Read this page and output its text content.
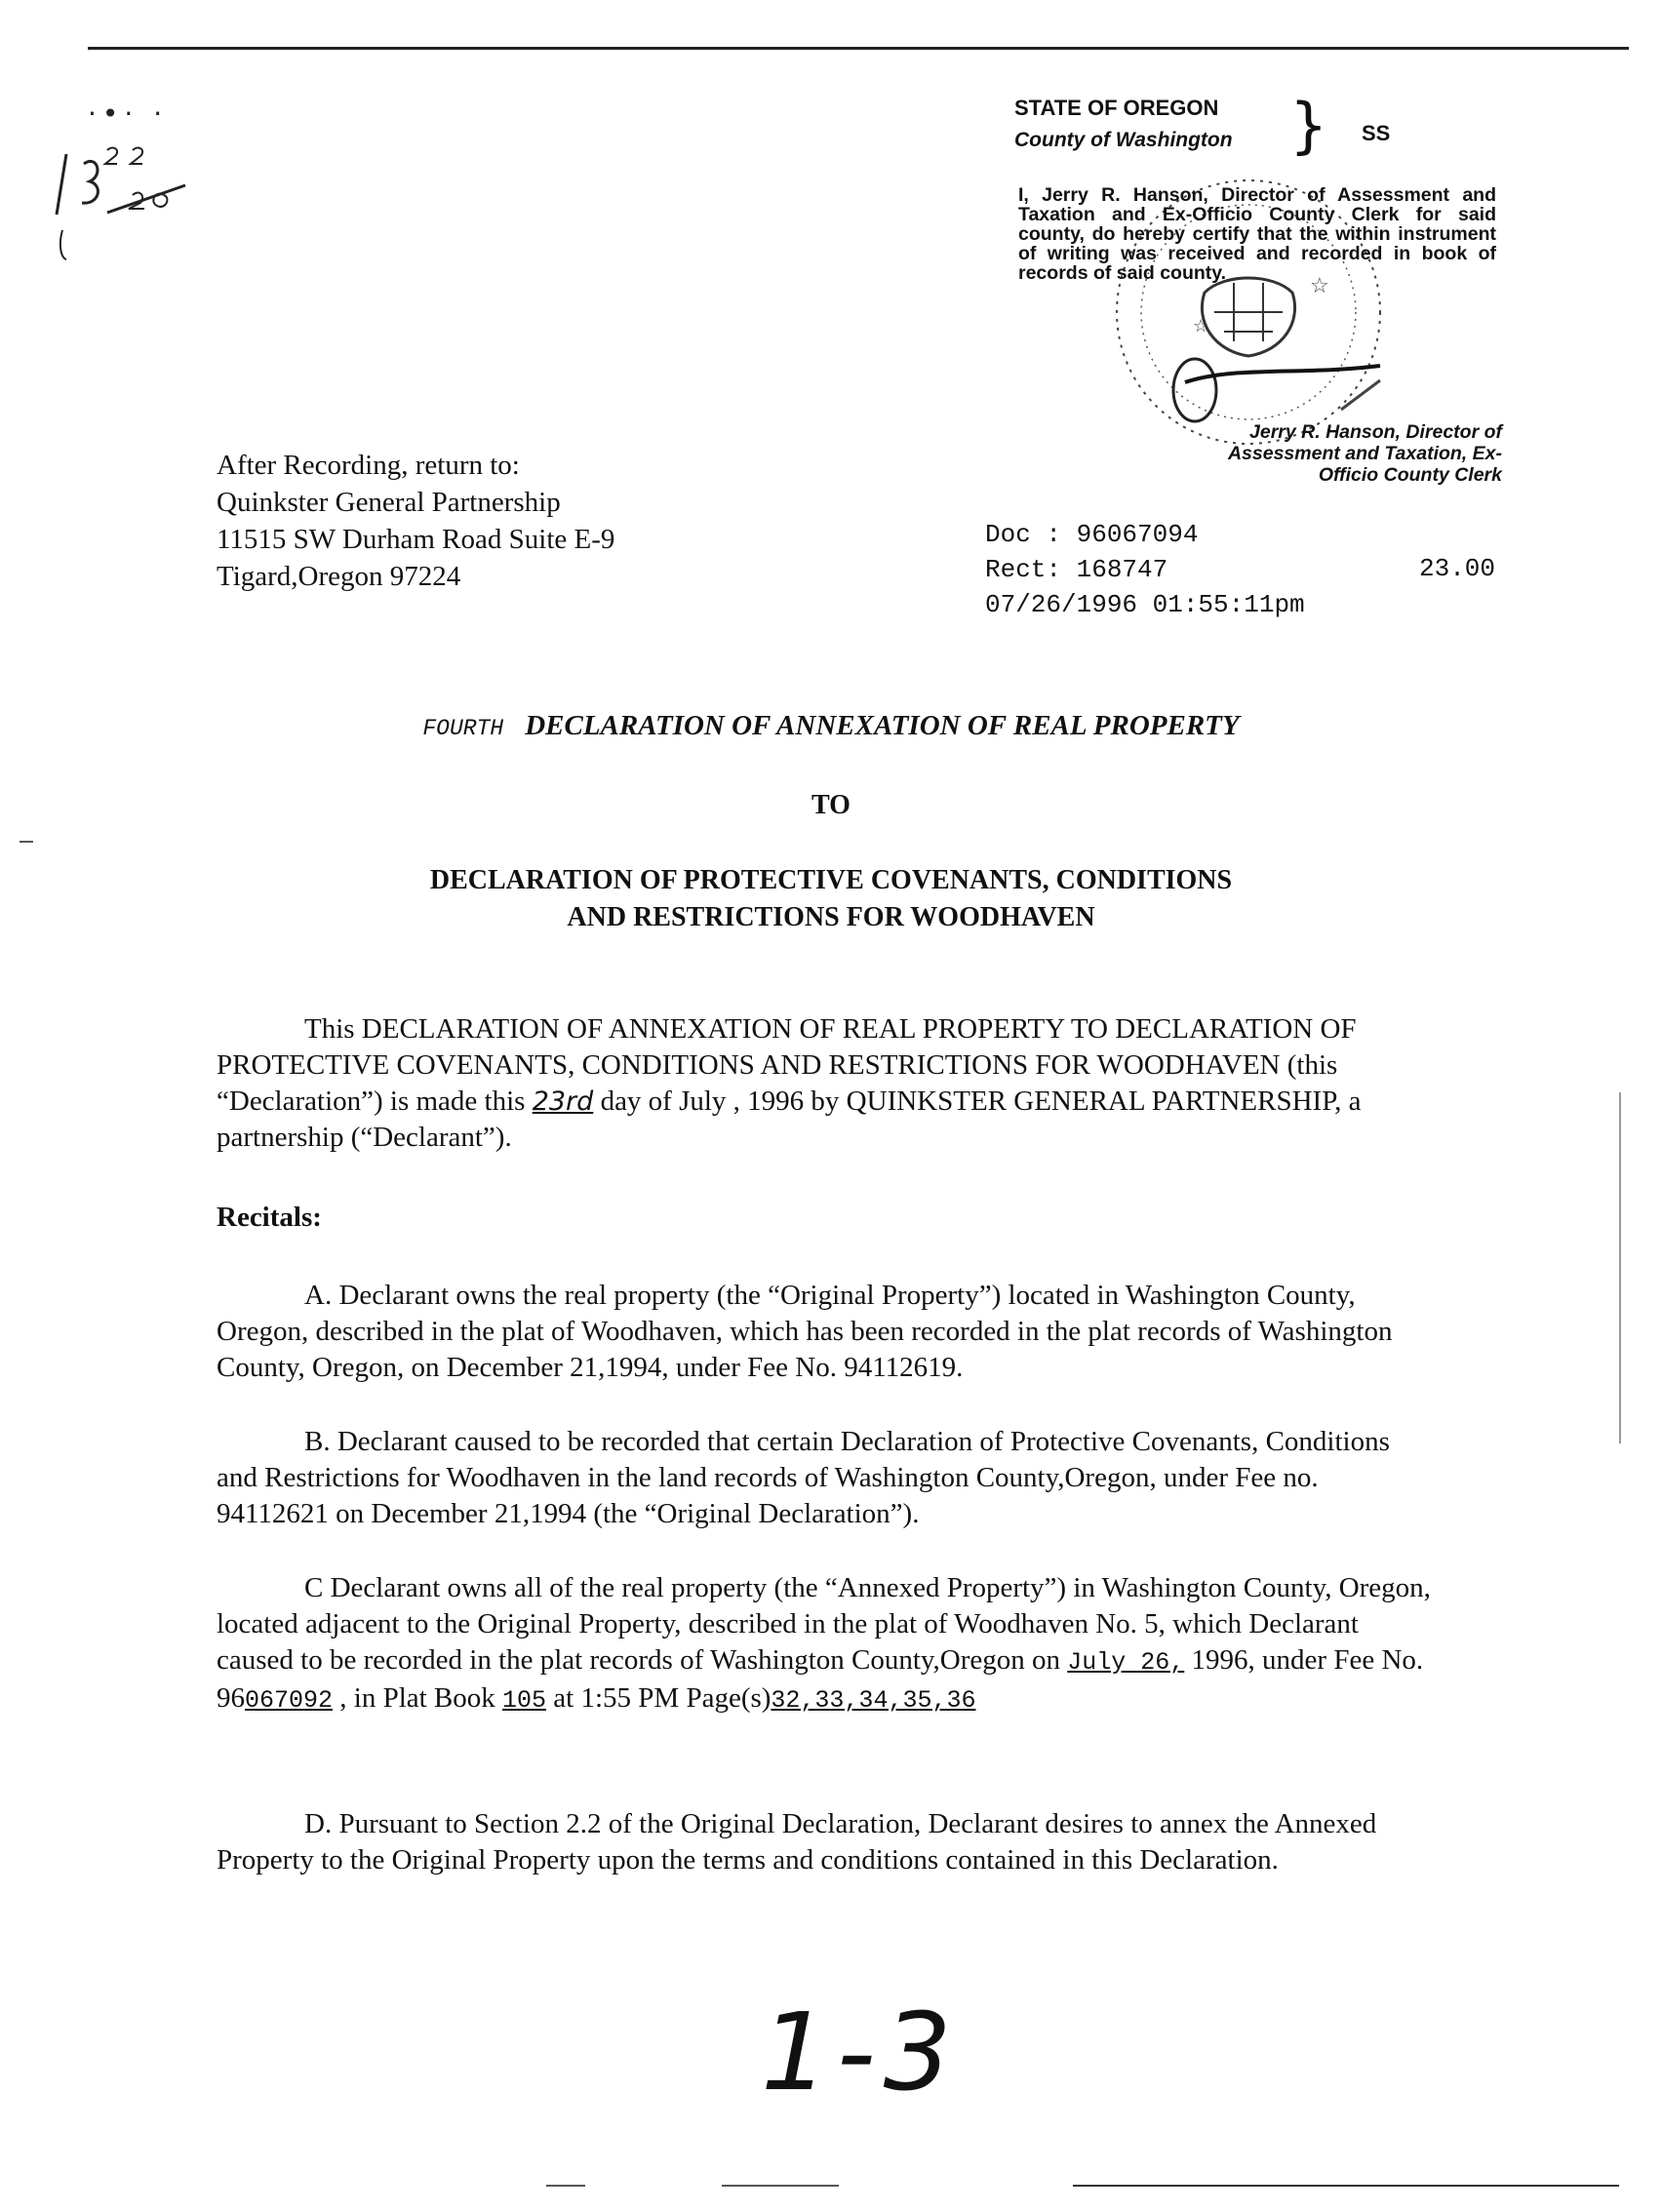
·•· ·	STATE OF OREGON
County of Washington } SS
☆
☆
I, Jerry R. Hanson, Director of Assessment and Taxation and Ex-Officio County Clerk for said county, do hereby certify that the within instrument of writing was received and recorded in book of records of said county.
Jerry R. Hanson, Director of
Assessment and Taxation, Ex-
Officio County Clerk
After Recording, return to:
Quinkster General Partnership
11515 SW Durham Road Suite E-9
Tigard,Oregon 97224
Doc : 96067094
Rect: 168747
07/26/1996 01:55:11pm
23.00
FOURTH DECLARATION OF ANNEXATION OF REAL PROPERTY
TO
DECLARATION OF PROTECTIVE COVENANTS, CONDITIONS
AND RESTRICTIONS FOR WOODHAVEN
This DECLARATION OF ANNEXATION OF REAL PROPERTY TO DECLARATION OF PROTECTIVE COVENANTS, CONDITIONS AND RESTRICTIONS FOR WOODHAVEN (this “Declaration”) is made this 23rd day of July , 1996 by QUINKSTER GENERAL PARTNERSHIP, a partnership (“Declarant”).
Recitals:
A. Declarant owns the real property (the “Original Property”) located in Washington County, Oregon, described in the plat of Woodhaven, which has been recorded in the plat records of Washington County, Oregon, on December 21,1994, under Fee No. 94112619.
B. Declarant caused to be recorded that certain Declaration of Protective Covenants, Conditions and Restrictions for Woodhaven in the land records of Washington County,Oregon, under Fee no. 94112621 on December 21,1994 (the “Original Declaration”).
C Declarant owns all of the real property (the “Annexed Property”) in Washington County, Oregon, located adjacent to the Original Property, described in the plat of Woodhaven No. 5, which Declarant caused to be recorded in the plat records of Washington County,Oregon on July 26, 1996, under Fee No. 96067092 , in Plat Book 105 at 1:55 PM Page(s)32,33,34,35,36
D. Pursuant to Section 2.2 of the Original Declaration, Declarant desires to annex the Annexed Property to the Original Property upon the terms and conditions contained in this Declaration.
1-3
